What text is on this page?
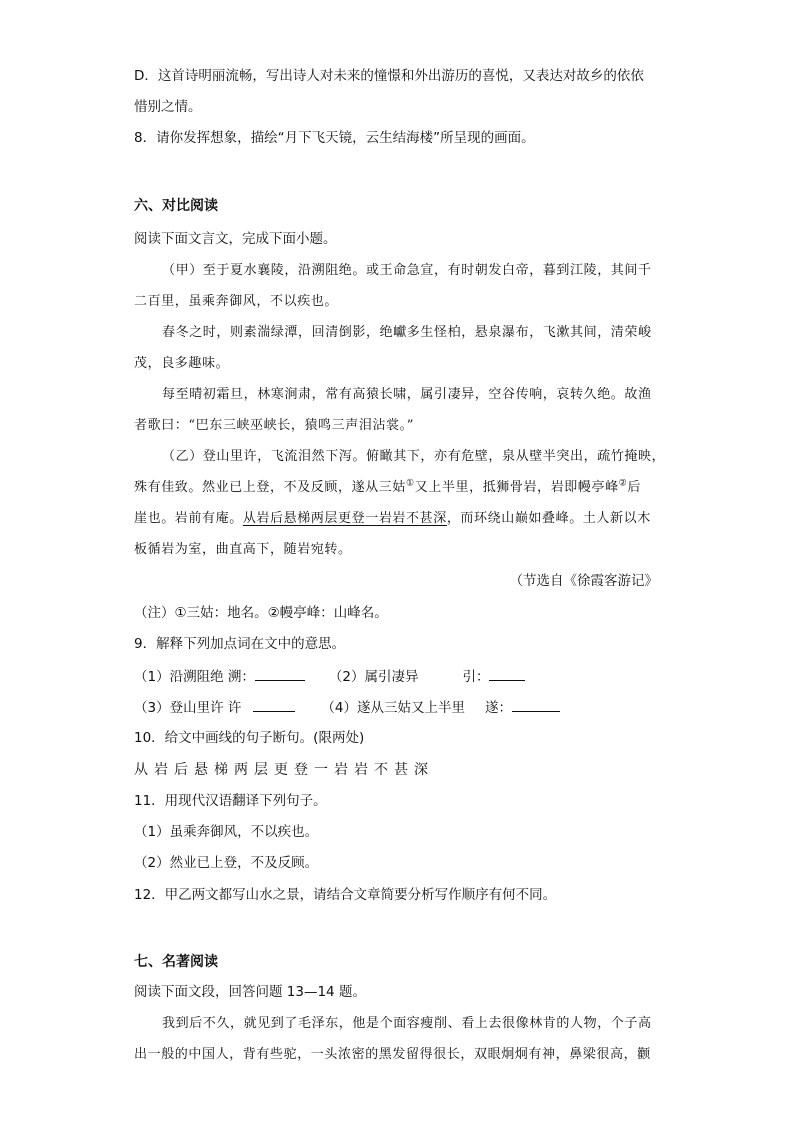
D．这首诗明丽流畅，写出诗人对未来的憧憬和外出游历的喜悦，又表达对故乡的依依
惜别之情。
8．请你发挥想象，描绘“月下飞天镜，云生结海楼”所呈现的画面。
六、对比阅读
阅读下面文言文，完成下面小题。
（甲）至于夏水襄陵，沿溯阻绝。或王命急宣，有时朝发白帝，暮到江陵，其间千
二百里，虽乘奔御风，不以疾也。
春冬之时，则素湍绿潭，回清倒影，绝巘多生怪柏，悬泉瀑布，飞漱其间，清荣峻
茂，良多趣味。
每至晴初霜旦，林寒涧肃，常有高猿长啸，属引凄异，空谷传响，哀转久绝。故渔
者歌曰：“巴东三峡巫峡长，猿鸣三声泪沾裳。”
（乙）登山里许，飞流泪然下泻。俯瞰其下，亦有危壁，泉从壁半突出，疏竹掩映，
殊有佳致。然业已上登，不及反顾，遂从三姑①又上半里，抵狮骨岩，岩即幔亭峰②后
崖也。岩前有庵。从岩后悬梯两层更登一岩岩不甚深，而环绕山巅如叠峰。土人新以木
板循岩为室，曲直高下，随岩宛转。
（节选自《徐霞客游记》
（注）①三姑：地名。②幔亭峰：山峰名。
9．解释下列加点词在文中的意思。
（1）沿溯阻绝 溯：	（2）属引凄异	引：
（3）登山里许 许	（4）遂从三姑又上半里 遂：
10．给文中画线的句子断句。(限两处)
从岩后悬梯两层更登一岩岩不甚深
11．用现代汉语翻译下列句子。
（1）虽乘奔御风，不以疾也。
（2）然业已上登，不及反顾。
12．甲乙两文都写山水之景，请结合文章简要分析写作顺序有何不同。
七、名著阅读
阅读下面文段，回答问题 13—14 题。
我到后不久，就见到了毛泽东，他是个面容瘦削、看上去很像林肯的人物，个子高
出一般的中国人，背有些驼，一头浓密的黑发留得很长，双眼炯炯有神，鼻梁很高，颧
